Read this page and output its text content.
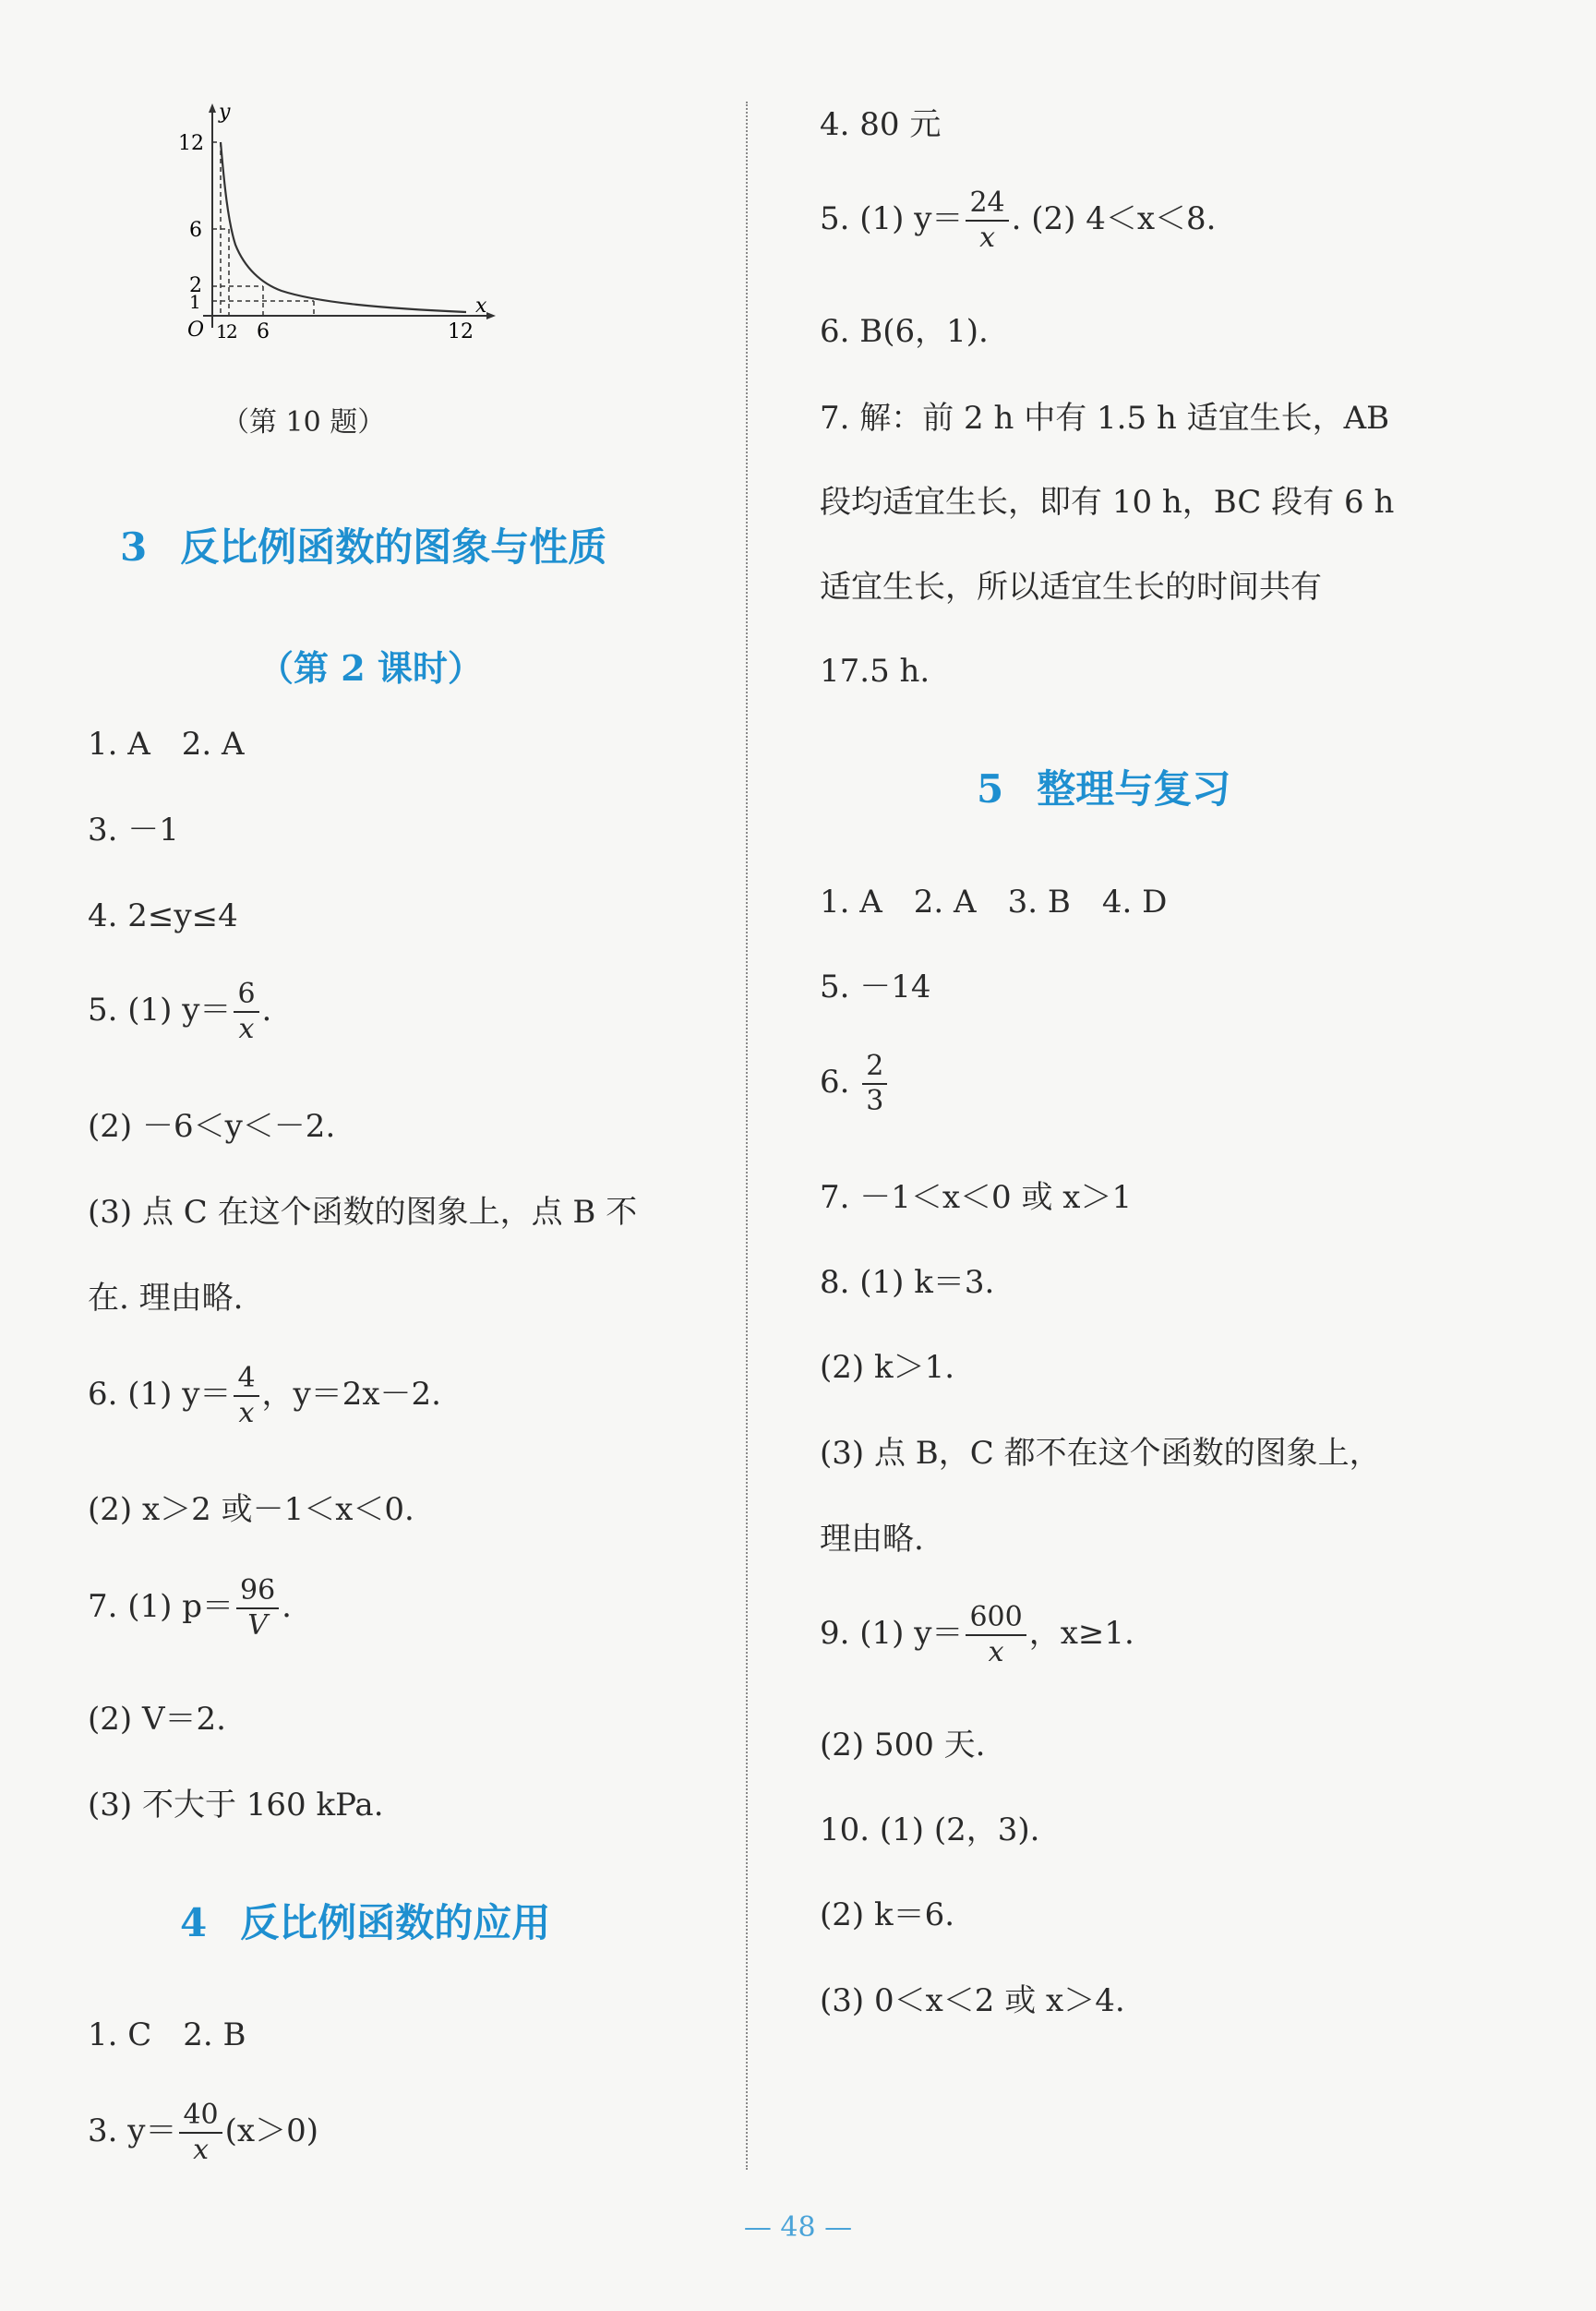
y
x
O
12
6
2
1
1
2 6	12
（第 10 题）
3 反比例函数的图象与性质
（第 2 课时）
1. A　2. A
3. －1
4. 2≤y≤4
5. (1) $y= \frac{6}{x}$ .
(2) －6＜y＜－2.
(3) 点 C 在这个函数的图象上，点 B 不
在. 理由略.
6. (1) $y= \frac{4}{x}$ ，y＝2x－2.
(2) x＞2 或－1＜x＜0.
7. (1) $p= \frac{96}{V}$ .
(2) V＝2.
(3) 不大于 160 kPa.
4 反比例函数的应用
1. C　2. B
3. $y= \frac{40}{x} (x>0)$
4. 80 元
5. (1) $y= \frac{24}{x}$ . (2) 4＜x＜8.
6. B(6，1).
7. 解：前 2 h 中有 1.5 h 适宜生长，AB
段均适宜生长，即有 10 h，BC 段有 6 h
适宜生长，所以适宜生长的时间共有
17.5 h.
5 整理与复习
1. A　2. A　3. B　4. D
5. －14
6. $\frac{2}{3}$
7. －1＜x＜0 或 x＞1
8. (1) k＝3.
(2) k＞1.
(3) 点 B，C 都不在这个函数的图象上，
理由略.
9. (1) $y= \frac{600}{x}$ ，x≥1.
(2) 500 天.
10. (1) (2，3).
(2) k＝6.
(3) 0＜x＜2 或 x＞4.
— 48 —
